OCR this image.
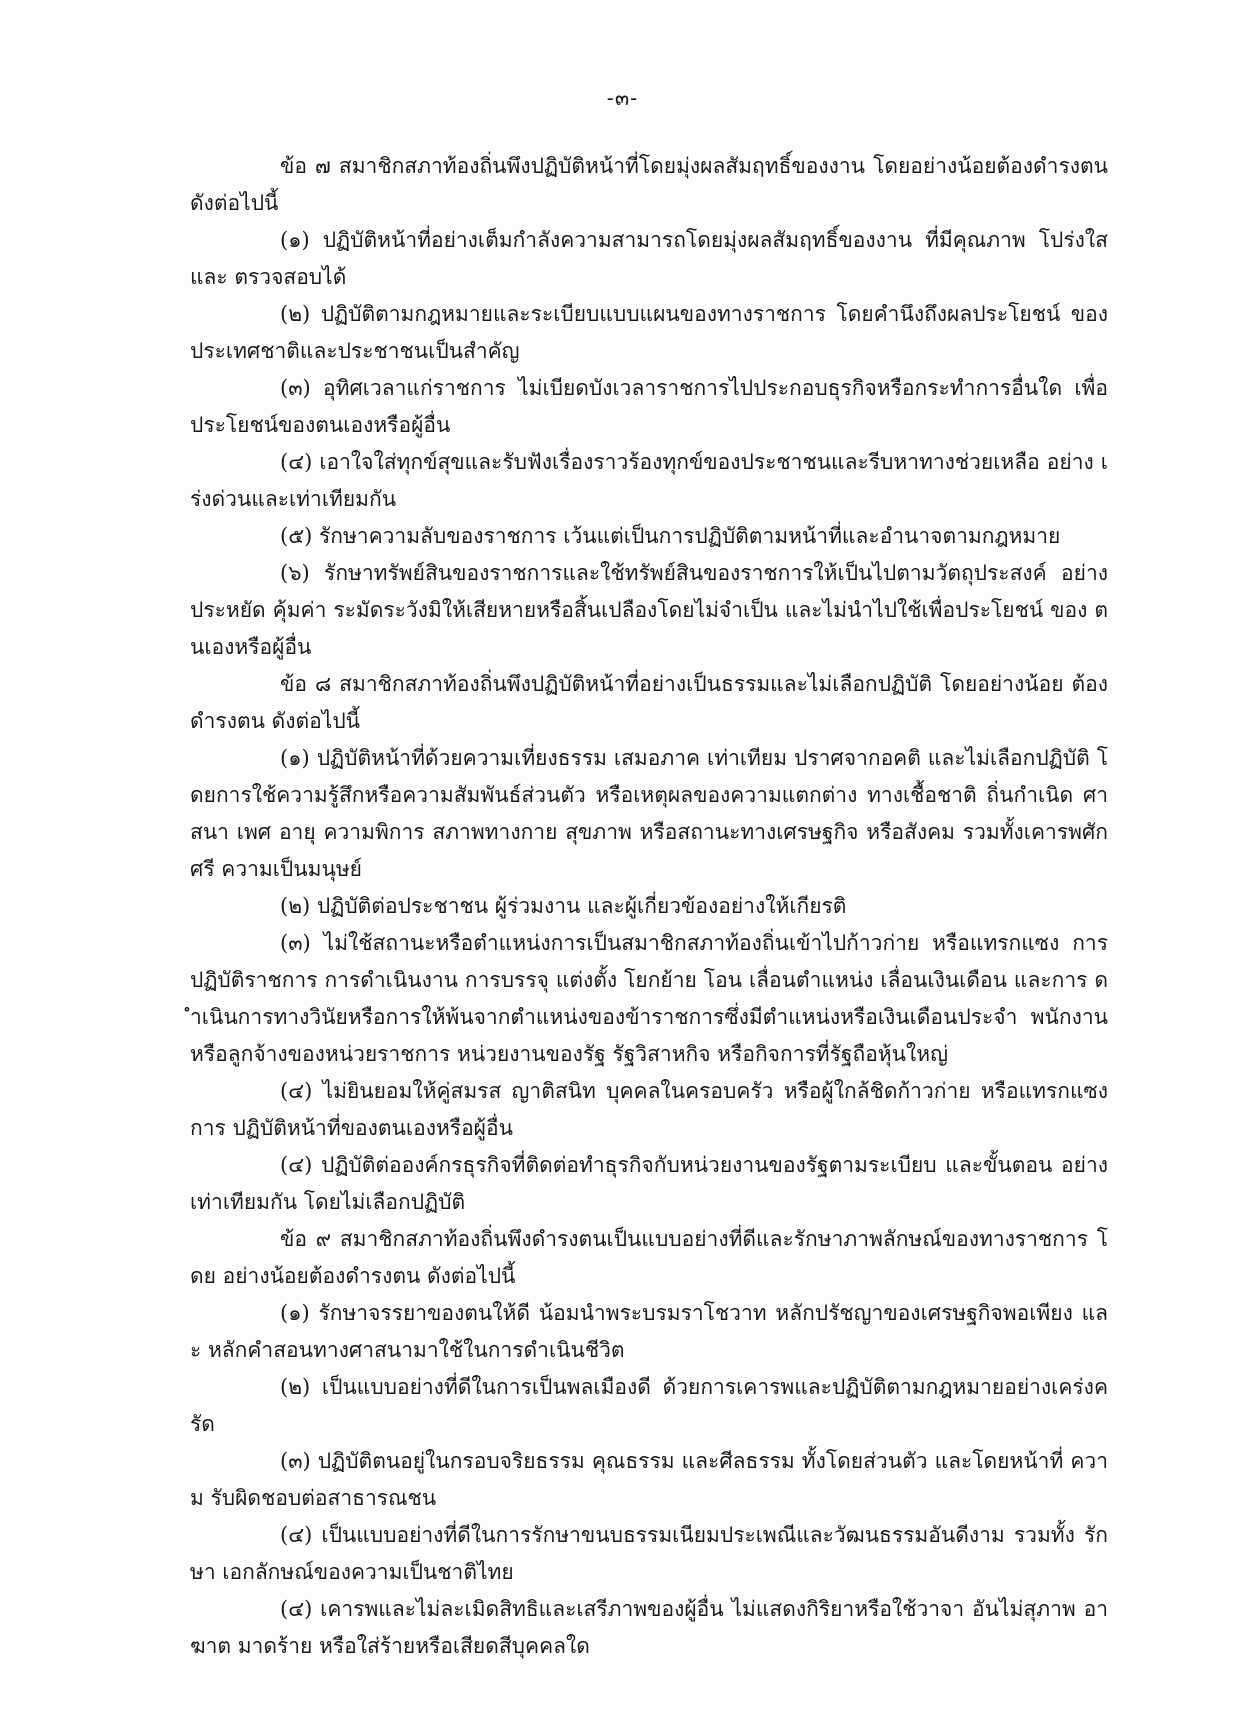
-๓-

ข้อ ๗ สมาชิกสภาท้องถิ่นพึงปฏิบัติหน้าที่โดยมุ่งผลสัมฤทธิ์ของงาน โดยอย่างน้อยต้องดำรงตน ดังต่อไปนี้

(๑) ปฏิบัติหน้าที่อย่างเต็มกำลังความสามารถโดยมุ่งผลสัมฤทธิ์ของงาน ที่มีคุณภาพ โปร่งใส และ ตรวจสอบได้

(๒) ปฏิบัติตามกฎหมายและระเบียบแบบแผนของทางราชการ โดยคำนึงถึงผลประโยชน์ ของ ประเทศชาติและประชาชนเป็นสำคัญ

(๓) อุทิศเวลาแก่ราชการ ไม่เบียดบังเวลาราชการไปประกอบธุรกิจหรือกระทำการอื่นใด เพื่อ ประโยชน์ของตนเองหรือผู้อื่น

(๔) เอาใจใส่ทุกข์สุขและรับฟังเรื่องราวร้องทุกข์ของประชาชนและรีบหาทางช่วยเหลือ อย่าง เร่งด่วนและเท่าเทียมกัน

(๕) รักษาความลับของราชการ เว้นแต่เป็นการปฏิบัติตามหน้าที่และอำนาจตามกฎหมาย

(๖) รักษาทรัพย์สินของราชการและใช้ทรัพย์สินของราชการให้เป็นไปตามวัตถุประสงค์ อย่าง ประหยัด คุ้มค่า ระมัดระวังมิให้เสียหายหรือสิ้นเปลืองโดยไม่จำเป็น และไม่นำไปใช้เพื่อประโยชน์ ของ ตนเองหรือผู้อื่น

ข้อ ๘ สมาชิกสภาท้องถิ่นพึงปฏิบัติหน้าที่อย่างเป็นธรรมและไม่เลือกปฏิบัติ โดยอย่างน้อย ต้อง ดำรงตน ดังต่อไปนี้

(๑) ปฏิบัติหน้าที่ด้วยความเที่ยงธรรม เสมอภาค เท่าเทียม ปราศจากอคติ และไม่เลือกปฏิบัติ โดยการใช้ความรู้สึกหรือความสัมพันธ์ส่วนตัว หรือเหตุผลของความแตกต่าง ทางเชื้อชาติ ถิ่นกำเนิด ศาสนา เพศ อายุ ความพิการ สภาพทางกาย สุขภาพ หรือสถานะทางเศรษฐกิจ หรือสังคม รวมทั้งเคารพศักศรี ความเป็นมนุษย์

(๒) ปฏิบัติต่อประชาชน ผู้ร่วมงาน และผู้เกี่ยวข้องอย่างให้เกียรติ

(๓) ไม่ใช้สถานะหรือตำแหน่งการเป็นสมาชิกสภาท้องถิ่นเข้าไปก้าวก่าย หรือแทรกแซง การ ปฏิบัติราชการ การดำเนินงาน การบรรจุ แต่งตั้ง โยกย้าย โอน เลื่อนตำแหน่ง เลื่อนเงินเดือน และการ ดำเนินการทางวินัยหรือการให้พ้นจากตำแหน่งของข้าราชการซึ่งมีตำแหน่งหรือเงินเดือนประจำ พนักงาน หรือลูกจ้างของหน่วยราชการ หน่วยงานของรัฐ รัฐวิสาหกิจ หรือกิจการที่รัฐถือหุ้นใหญ่

(๔) ไม่ยินยอมให้คู่สมรส ญาติสนิท บุคคลในครอบครัว หรือผู้ใกล้ชิดก้าวก่าย หรือแทรกแซง การ ปฏิบัติหน้าที่ของตนเองหรือผู้อื่น

(๔) ปฏิบัติต่อองค์กรธุรกิจที่ติดต่อทำธุรกิจกับหน่วยงานของรัฐตามระเบียบ และขั้นตอน อย่าง เท่าเทียมกัน โดยไม่เลือกปฏิบัติ

ข้อ ๙ สมาชิกสภาท้องถิ่นพึงดำรงตนเป็นแบบอย่างที่ดีและรักษาภาพลักษณ์ของทางราชการ โดย อย่างน้อยต้องดำรงตน ดังต่อไปนี้

(๑) รักษาจรรยาของตนให้ดี น้อมนำพระบรมราโชวาท หลักปรัชญาของเศรษฐกิจพอเพียง และ หลักคำสอนทางศาสนามาใช้ในการดำเนินชีวิต

(๒) เป็นแบบอย่างที่ดีในการเป็นพลเมืองดี ด้วยการเคารพและปฏิบัติตามกฎหมายอย่างเคร่งครัด

(๓) ปฏิบัติตนอยู่ในกรอบจริยธรรม คุณธรรม และศีลธรรม ทั้งโดยส่วนตัว และโดยหน้าที่ ความ รับผิดชอบต่อสาธารณชน

(๔) เป็นแบบอย่างที่ดีในการรักษาขนบธรรมเนียมประเพณีและวัฒนธรรมอันดีงาม รวมทั้ง รักษา เอกลักษณ์ของความเป็นชาติไทย

(๔) เคารพและไม่ละเมิดสิทธิและเสรีภาพของผู้อื่น ไม่แสดงกิริยาหรือใช้วาจา อันไม่สุภาพ อาฆาต มาดร้าย หรือใส่ร้ายหรือเสียดสีบุคคลใด
